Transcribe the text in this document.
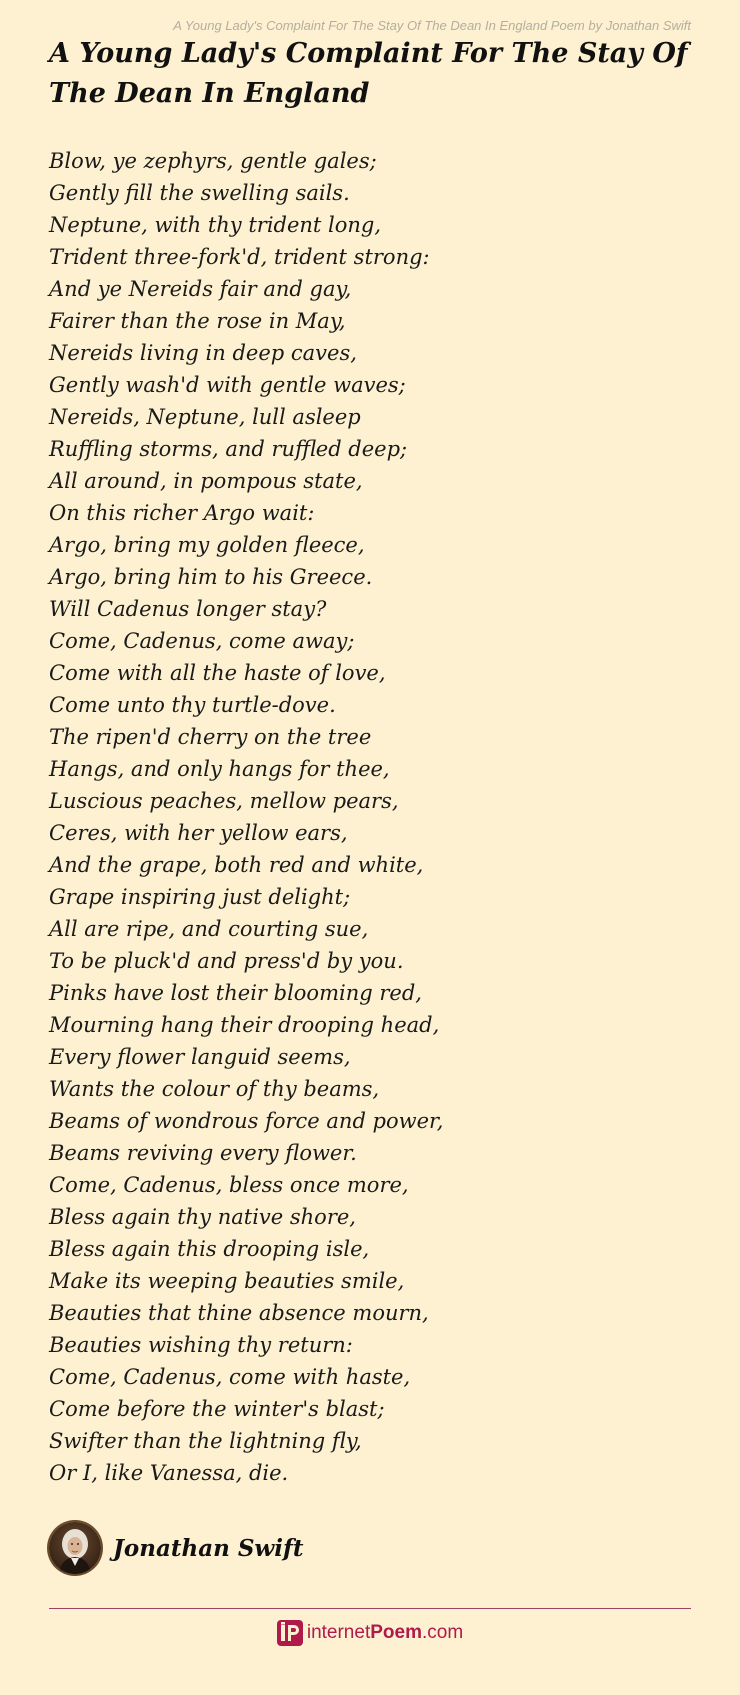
A Young Lady's Complaint For The Stay Of The Dean In England Poem by Jonathan Swift
A Young Lady's Complaint For The Stay Of The Dean In England
Blow, ye zephyrs, gentle gales;
Gently fill the swelling sails.
Neptune, with thy trident long,
Trident three-fork'd, trident strong:
And ye Nereids fair and gay,
Fairer than the rose in May,
Nereids living in deep caves,
Gently wash'd with gentle waves;
Nereids, Neptune, lull asleep
Ruffling storms, and ruffled deep;
All around, in pompous state,
On this richer Argo wait:
Argo, bring my golden fleece,
Argo, bring him to his Greece.
Will Cadenus longer stay?
Come, Cadenus, come away;
Come with all the haste of love,
Come unto thy turtle-dove.
The ripen'd cherry on the tree
Hangs, and only hangs for thee,
Luscious peaches, mellow pears,
Ceres, with her yellow ears,
And the grape, both red and white,
Grape inspiring just delight;
All are ripe, and courting sue,
To be pluck'd and press'd by you.
Pinks have lost their blooming red,
Mourning hang their drooping head,
Every flower languid seems,
Wants the colour of thy beams,
Beams of wondrous force and power,
Beams reviving every flower.
Come, Cadenus, bless once more,
Bless again thy native shore,
Bless again this drooping isle,
Make its weeping beauties smile,
Beauties that thine absence mourn,
Beauties wishing thy return:
Come, Cadenus, come with haste,
Come before the winter's blast;
Swifter than the lightning fly,
Or I, like Vanessa, die.
Jonathan Swift
internetPoem.com
